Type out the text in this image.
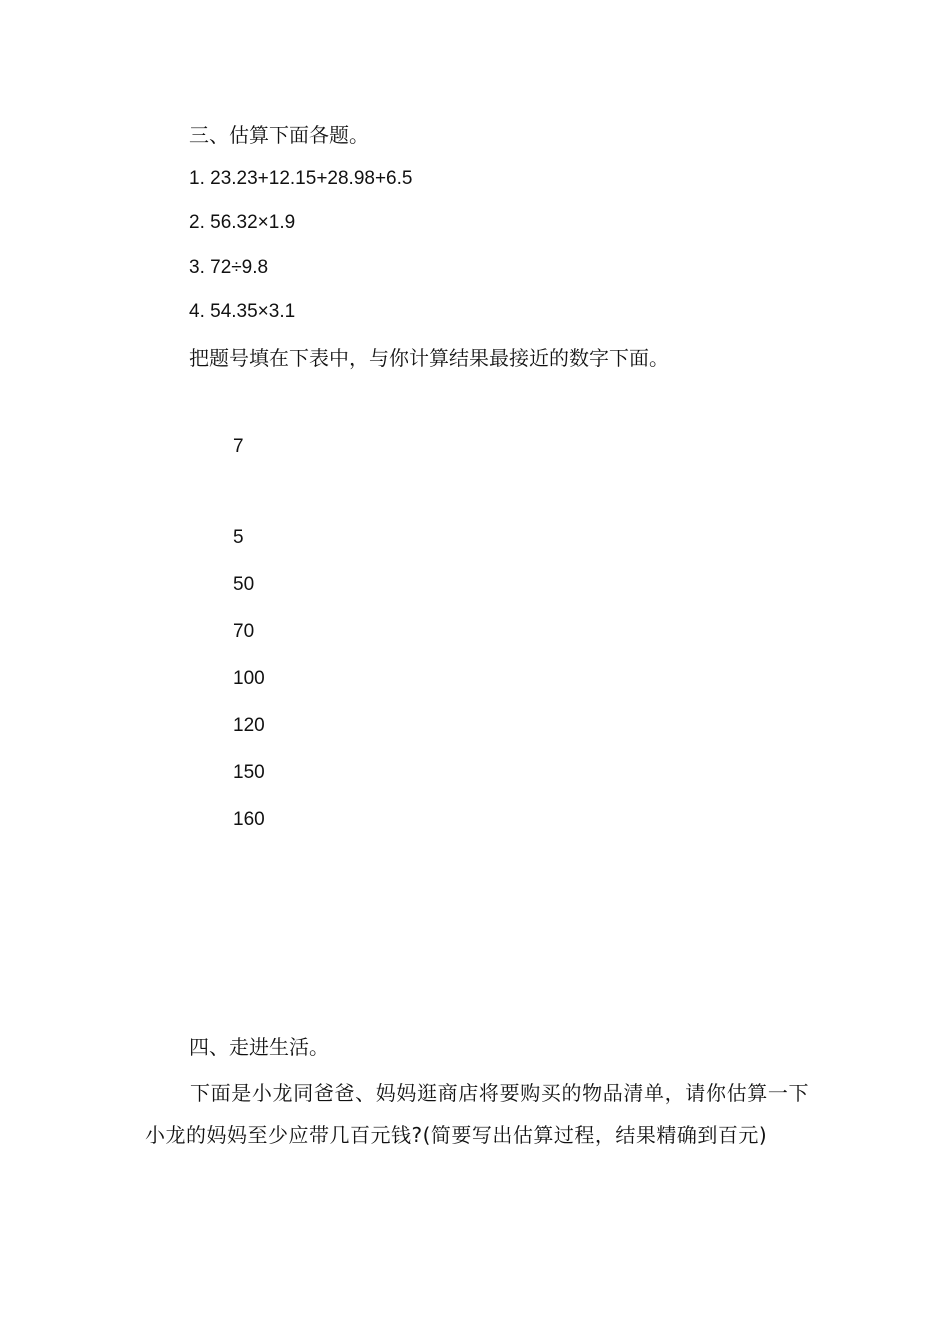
三、估算下面各题。
1. 23.23+12.15+28.98+6.5
2. 56.32×1.9
3. 72÷9.8
4. 54.35×3.1
把题号填在下表中，与你计算结果最接近的数字下面。
7
5
50
70
100
120
150
160
四、走进生活。
下面是小龙同爸爸、妈妈逛商店将要购买的物品清单，请你估算一下小龙的妈妈至少应带几百元钱?(简要写出估算过程，结果精确到百元)
